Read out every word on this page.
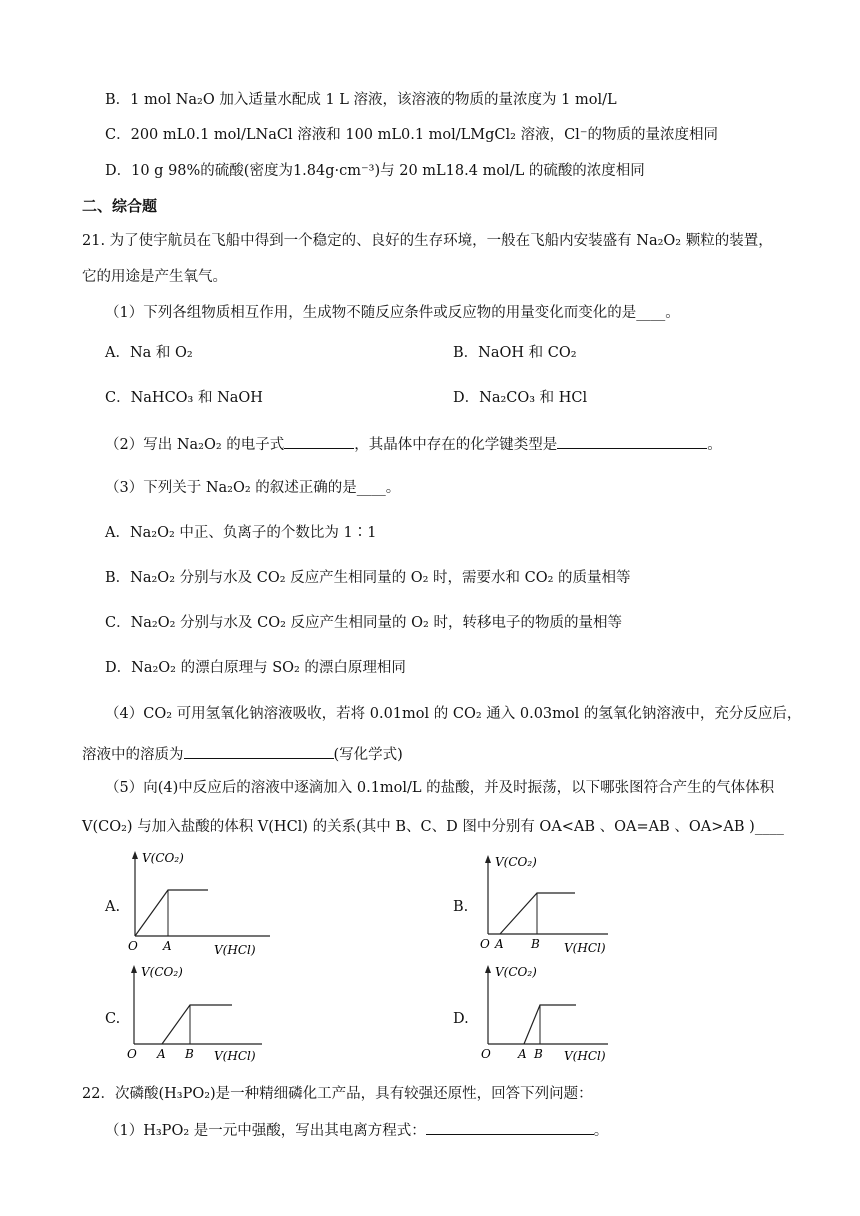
B．1 mol Na₂O 加入适量水配成 1 L 溶液，该溶液的物质的量浓度为 1 mol/L
C．200 mL0.1 mol/LNaCl 溶液和 100 mL0.1 mol/LMgCl₂ 溶液，Cl⁻的物质的量浓度相同
D．10 g 98%的硫酸(密度为1.84g·cm⁻³)与 20 mL18.4 mol/L 的硫酸的浓度相同
二、综合题
21. 为了使宇航员在飞船中得到一个稳定的、良好的生存环境，一般在飞船内安装盛有 Na₂O₂ 颗粒的装置，
它的用途是产生氧气。
（1）下列各组物质相互作用，生成物不随反应条件或反应物的用量变化而变化的是____。
A．Na 和 O₂	B．NaOH 和 CO₂
C．NaHCO₃ 和 NaOH	D．Na₂CO₃ 和 HCl
（2）写出 Na₂O₂ 的电子式	，其晶体中存在的化学键类型是	。
（3）下列关于 Na₂O₂ 的叙述正确的是____。
A．Na₂O₂ 中正、负离子的个数比为 1∶1
B．Na₂O₂ 分别与水及 CO₂ 反应产生相同量的 O₂ 时，需要水和 CO₂ 的质量相等
C．Na₂O₂ 分别与水及 CO₂ 反应产生相同量的 O₂ 时，转移电子的物质的量相等
D．Na₂O₂ 的漂白原理与 SO₂ 的漂白原理相同
（4）CO₂ 可用氢氧化钠溶液吸收，若将 0.01mol 的 CO₂ 通入 0.03mol 的氢氧化钠溶液中，充分反应后，
溶液中的溶质为	(写化学式)
（5）向(4)中反应后的溶液中逐滴加入 0.1mol/L 的盐酸，并及时振荡，以下哪张图符合产生的气体体积
V(CO₂) 与加入盐酸的体积 V(HCl) 的关系(其中 B、C、D 图中分别有 OA<AB 、OA=AB 、OA>AB )____
A.	B.
C.	D.
V(CO₂)
O A	V(HCl)
V(CO₂)
O A B V(HCl)
V(CO₂)
O A B V(HCl)
V(CO₂)
O A B V(HCl)
22．次磷酸(H₃PO₂)是一种精细磷化工产品，具有较强还原性，回答下列问题：
（1）H₃PO₂ 是一元中强酸，写出其电离方程式：	。
